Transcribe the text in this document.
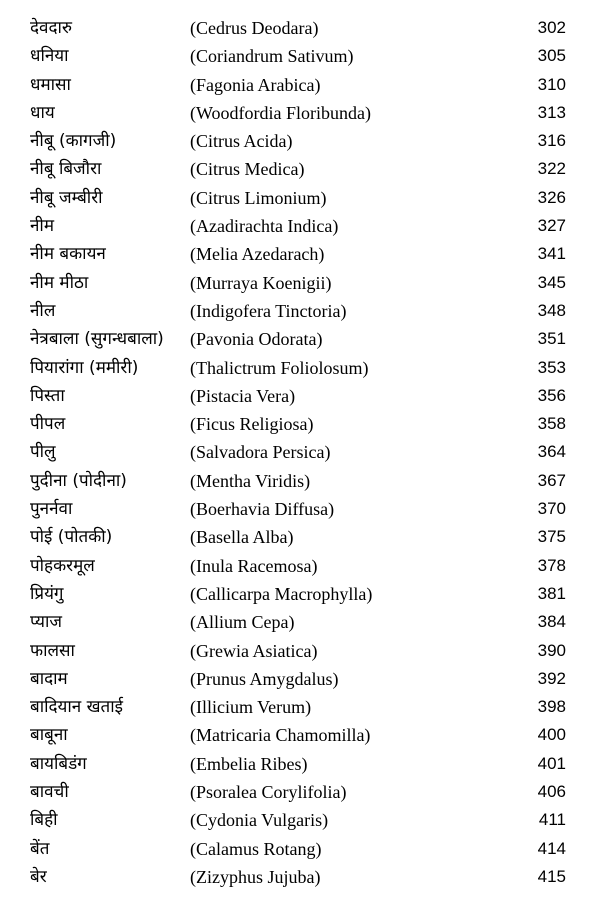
देवदारु	(Cedrus Deodara)	302
धनिया	(Coriandrum Sativum)	305
धमासा	(Fagonia Arabica)	310
धाय	(Woodfordia Floribunda)	313
नीबू (कागजी)	(Citrus Acida)	316
नीबू बिजौरा	(Citrus Medica)	322
नीबू जम्बीरी	(Citrus Limonium)	326
नीम	(Azadirachta Indica)	327
नीम बकायन	(Melia Azedarach)	341
नीम मीठा	(Murraya Koenigii)	345
नील	(Indigofera Tinctoria)	348
नेत्रबाला (सुगन्धबाला) (Pavonia Odorata)	351
पियारांगा (ममीरी)	(Thalictrum Foliolosum)	353
पिस्ता	(Pistacia Vera)	356
पीपल	(Ficus Religiosa)	358
पीलु	(Salvadora Persica)	364
पुदीना (पोदीना)	(Mentha Viridis)	367
पुनर्नवा	(Boerhavia Diffusa)	370
पोई (पोतकी)	(Basella Alba)	375
पोहकरमूल	(Inula Racemosa)	378
प्रियंगु	(Callicarpa Macrophylla)	381
प्याज	(Allium Cepa)	384
फालसा	(Grewia Asiatica)	390
बादाम	(Prunus Amygdalus)	392
बादियान खताई	(Illicium Verum)	398
बाबूना	(Matricaria Chamomilla)	400
बायबिडंग	(Embelia Ribes)	401
बावची	(Psoralea Corylifolia)	406
बिही	(Cydonia Vulgaris)	411
बेंत	(Calamus Rotang)	414
बेर	(Zizyphus Jujuba)	415
